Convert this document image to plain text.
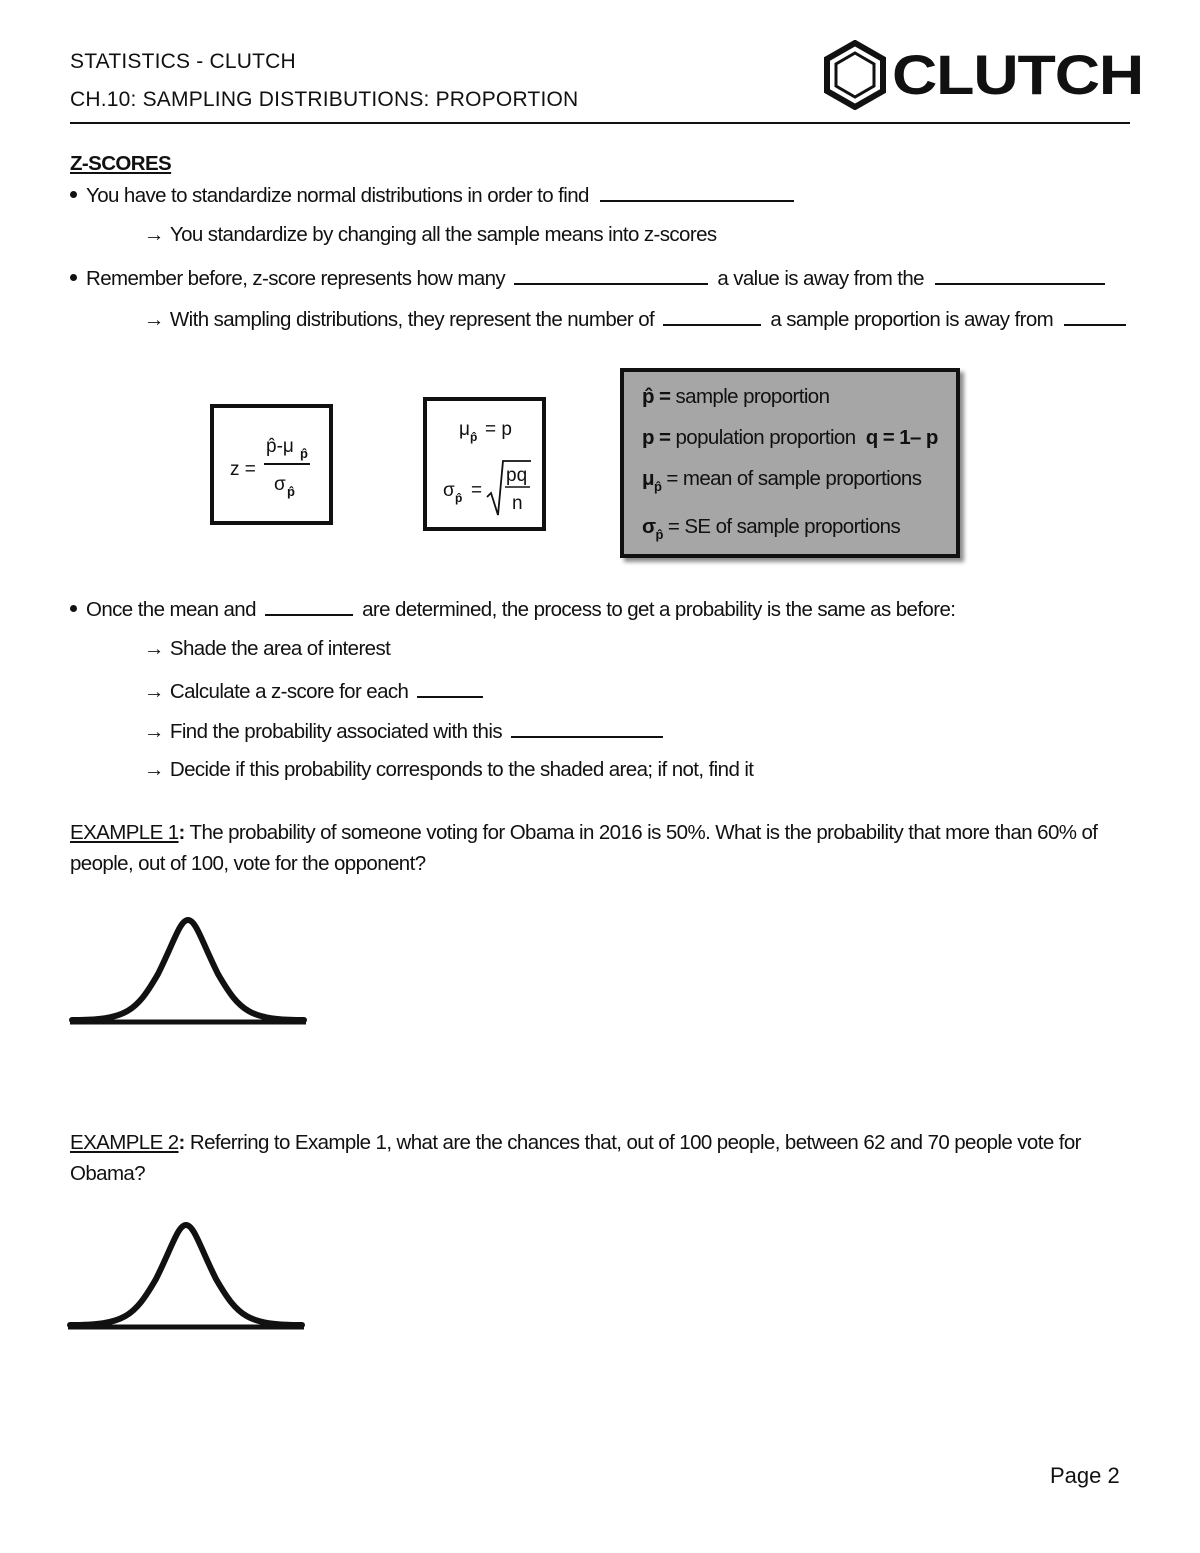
STATISTICS - CLUTCH
CH.10: SAMPLING DISTRIBUTIONS: PROPORTION	CLUTCH
Z-SCORES
You have to standardize normal distributions in order to find
→ You standardize by changing all the sample means into z-scores
Remember before, z-score represents how many	a value is away from the
→ With sampling distributions, they represent the number of	a sample proportion is away from
z =
p̂-μ p̂
σ p̂
μ p̂ = p
σ p̂ =
pq
n
p̂ = sample proportion
p = population proportion q = 1– p
$\mu_{p̂}$ = mean of sample proportions
$\sigma_{p̂}$ = SE of sample proportions
Once the mean and	are determined, the process to get a probability is the same as before:
→ Shade the area of interest
→ Calculate a z-score for each
→ Find the probability associated with this
→ Decide if this probability corresponds to the shaded area; if not, find it
EXAMPLE 1: The probability of someone voting for Obama in 2016 is 50%. What is the probability that more than 60% of people, out of 100, vote for the opponent?
EXAMPLE 2: Referring to Example 1, what are the chances that, out of 100 people, between 62 and 70 people vote for Obama?
Page 2
